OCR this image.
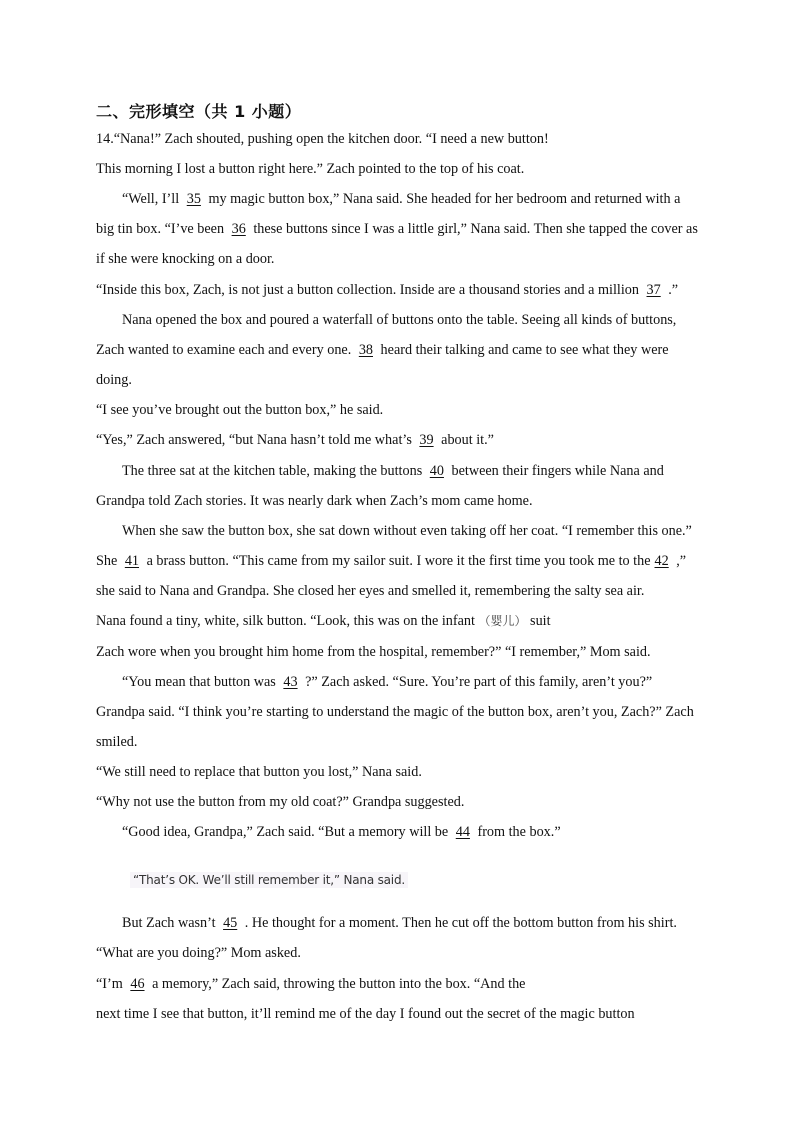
二、完形填空（共 1 小题）
14.“Nana!” Zach shouted, pushing open the kitchen door. “I need a new button!
This morning I lost a button right here.” Zach pointed to the top of his coat.
“Well, I’ll 35 my magic button box,” Nana said. She headed for her bedroom and returned with a
big tin box. “I’ve been 36 these buttons since I was a little girl,” Nana said. Then she tapped the cover as
if she were knocking on a door.
“Inside this box, Zach, is not just a button collection. Inside are a thousand stories and a million 37 .”
Nana opened the box and poured a waterfall of buttons onto the table. Seeing all kinds of buttons,
Zach wanted to examine each and every one. 38 heard their talking and came to see what they were
doing.
“I see you’ve brought out the button box,” he said.
“Yes,” Zach answered, “but Nana hasn’t told me what’s 39 about it.”
The three sat at the kitchen table, making the buttons 40 between their fingers while Nana and
Grandpa told Zach stories. It was nearly dark when Zach’s mom came home.
When she saw the button box, she sat down without even taking off her coat. “I remember this one.”
She 41 a brass button. “This came from my sailor suit. I wore it the first time you took me to the 42 ,”
she said to Nana and Grandpa. She closed her eyes and smelled it, remembering the salty sea air.
Nana found a tiny, white, silk button. “Look, this was on the infant （婴儿） suit
Zach wore when you brought him home from the hospital, remember?” “I remember,” Mom said.
“You mean that button was 43 ?” Zach asked. “Sure. You’re part of this family, aren’t you?”
Grandpa said. “I think you’re starting to understand the magic of the button box, aren’t you, Zach?” Zach
smiled.
“We still need to replace that button you lost,” Nana said.
“Why not use the button from my old coat?” Grandpa suggested.
“Good idea, Grandpa,” Zach said. “But a memory will be 44 from the box.”
“That’s OK. We’ll still remember it,” Nana said.
But Zach wasn’t 45 . He thought for a moment. Then he cut off the bottom button from his shirt.
“What are you doing?” Mom asked.
“I’m 46 a memory,” Zach said, throwing the button into the box. “And the
next time I see that button, it’ll remind me of the day I found out the secret of the magic button
